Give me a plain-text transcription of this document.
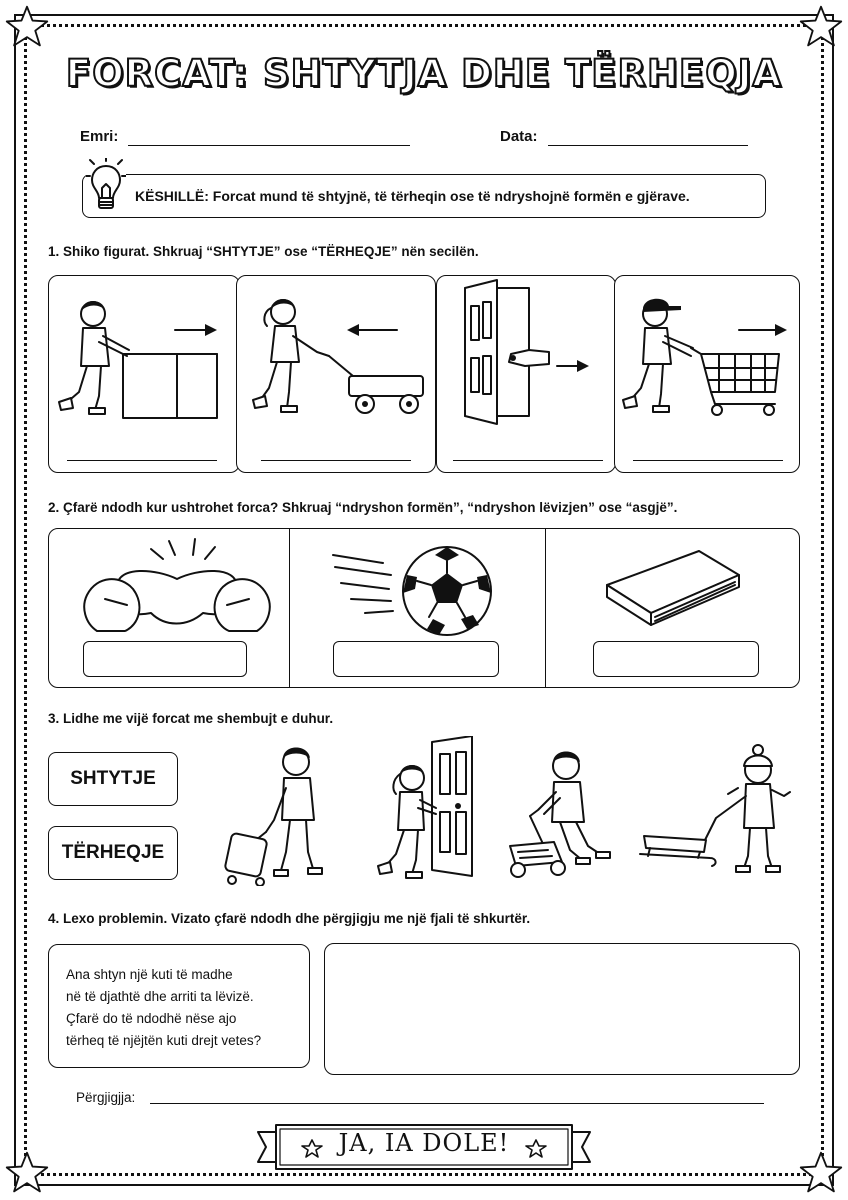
FORCAT: SHTYTJA DHE TËRHEQJA
Emri:	Data:
KËSHILLË: Forcat mund të shtyjnë, të tërheqin ose të ndryshojnë formën e gjërave.
1. Shiko figurat. Shkruaj “SHTYTJE” ose “TËRHEQJE” nën secilën.
2. Çfarë ndodh kur ushtrohet forca? Shkruaj “ndryshon formën”, “ndryshon lëvizjen” ose “asgjë”.
3. Lidhe me vijë forcat me shembujt e duhur.
SHTYTJE
TËRHEQJE
4. Lexo problemin. Vizato çfarë ndodh dhe përgjigju me një fjali të shkurtër.
Ana shtyn një kuti të madhe
në të djathtë dhe arriti ta lëvizë.
Çfarë do të ndodhë nëse ajo
tërheq të njëjtën kuti drejt vetes?
Përgjigjja:
JA, IA DOLE!
